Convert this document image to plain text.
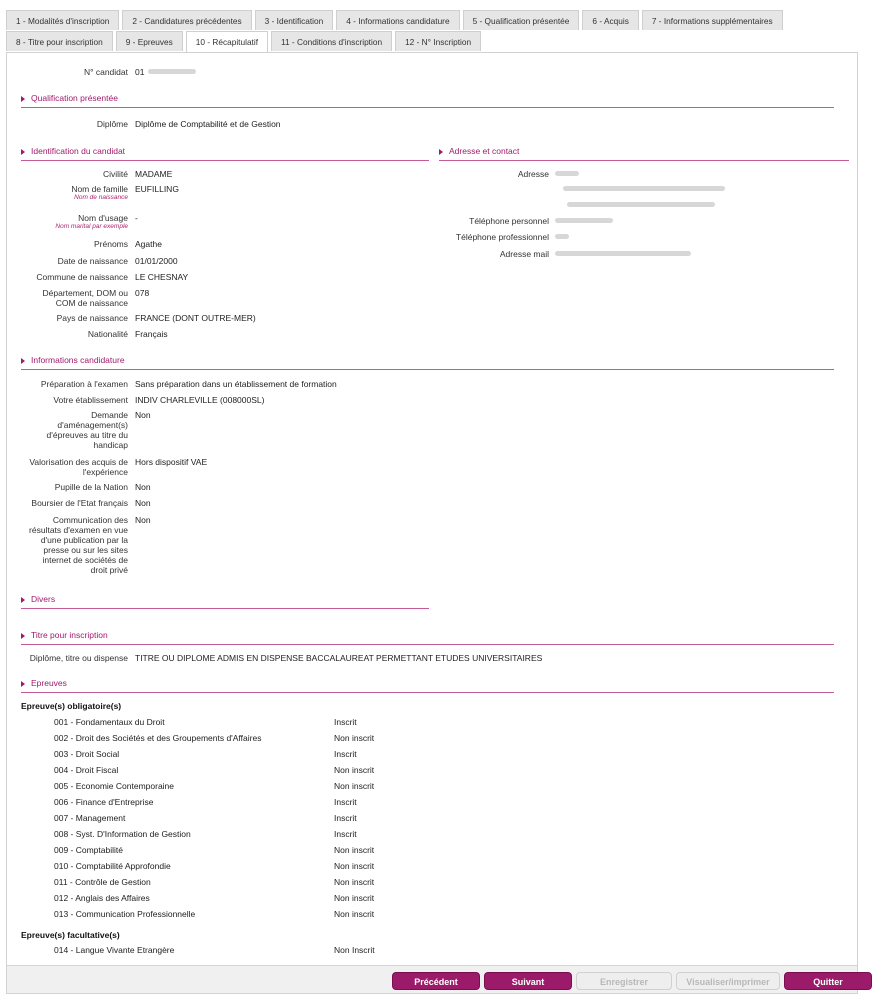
1 - Modalités d'inscription	2 - Candidatures précédentes	3 - Identification	4 - Informations candidature	5 - Qualification présentée	6 - Acquis	7 - Informations supplémentaires
8 - Titre pour inscription	9 - Epreuves	10 - Récapitulatif	11 - Conditions d'inscription	12 - N° Inscription
N° candidat 01
Qualification présentée
Diplôme Diplôme de Comptabilité et de Gestion
Identification du candidat
Civilité MADAME
Nom de famille
Nom de naissance
EUFILLING
Nom d'usage
Nom marital par exemple
-
Prénoms Agathe
Date de naissance 01/01/2000
Commune de naissance LE CHESNAY
Département, DOM ou
COM de naissance
078
Pays de naissance FRANCE (DONT OUTRE-MER)
Nationalité Français
Adresse et contact
Adresse
Téléphone personnel
Téléphone professionnel
Adresse mail
Informations candidature
Préparation à l'examen Sans préparation dans un établissement de formation
Votre établissement INDIV CHARLEVILLE (008000SL)
Demande
d'aménagement(s)
d'épreuves au titre du
handicap
Non
Valorisation des acquis de
l'expérience
Hors dispositif VAE
Pupille de la Nation Non
Boursier de l'Etat français Non
Communication des
résultats d'examen en vue
d'une publication par la
presse ou sur les sites
internet de sociétés de
droit privé
Non
Divers
Titre pour inscription
Diplôme, titre ou dispense TITRE OU DIPLOME ADMIS EN DISPENSE BACCALAUREAT PERMETTANT ETUDES UNIVERSITAIRES
Epreuves
Epreuve(s) obligatoire(s)
001 - Fondamentaux du Droit	Inscrit
002 - Droit des Sociétés et des Groupements d'Affaires	Non inscrit
003 - Droit Social	Inscrit
004 - Droit Fiscal	Non inscrit
005 - Economie Contemporaine	Non inscrit
006 - Finance d'Entreprise	Inscrit
007 - Management	Inscrit
008 - Syst. D'Information de Gestion	Inscrit
009 - Comptabilité	Non inscrit
010 - Comptabilité Approfondie	Non inscrit
011 - Contrôle de Gestion	Non inscrit
012 - Anglais des Affaires	Non inscrit
013 - Communication Professionnelle	Non inscrit
Epreuve(s) facultative(s)
014 - Langue Vivante Etrangère	Non Inscrit
Précédent	Suivant	Enregistrer	Visualiser/imprimer	Quitter
